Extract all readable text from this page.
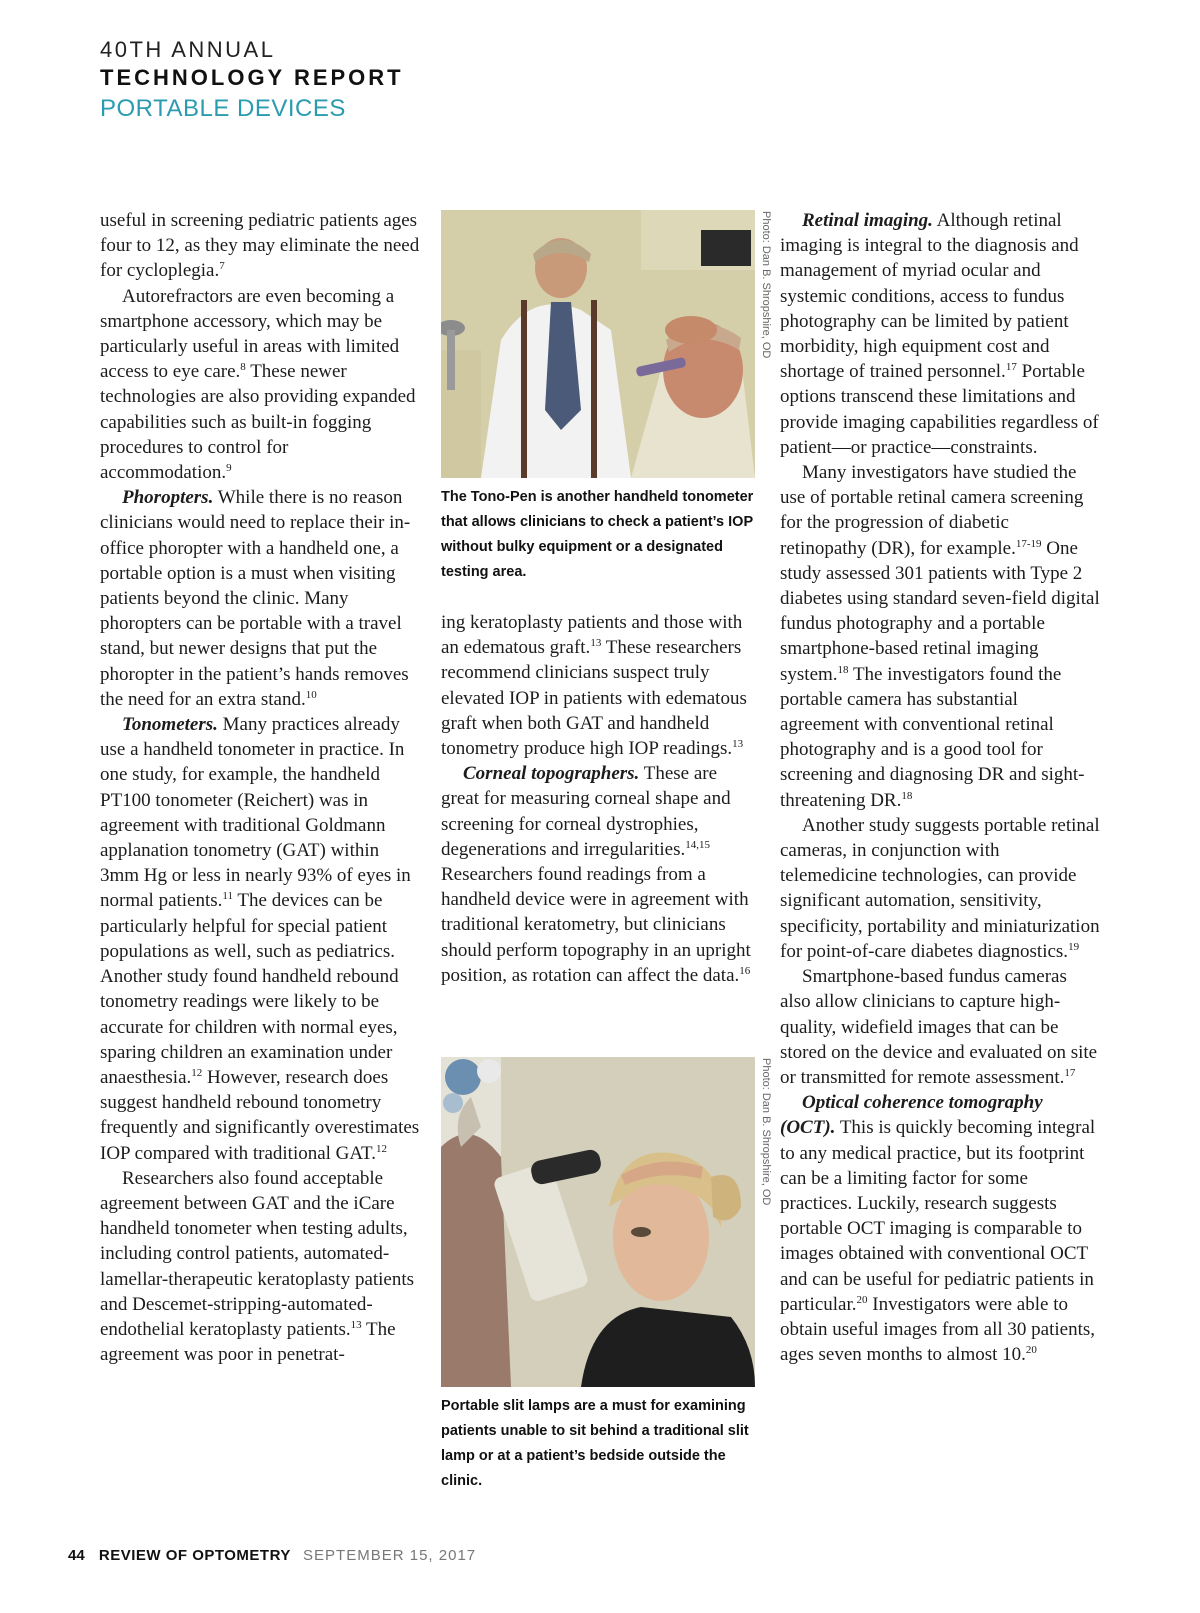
40TH ANNUAL
TECHNOLOGY REPORT
PORTABLE DEVICES

useful in screening pediatric patients ages four to 12, as they may eliminate the need for cycloplegia.$^7$

Autorefractors are even becoming a smartphone accessory, which may be particularly useful in areas with limited access to eye care.$^8$ These newer technologies are also providing expanded capabilities such as built-in fogging procedures to control for accommodation.$^9$

Phoropters. While there is no reason clinicians would need to replace their in-office phoropter with a handheld one, a portable option is a must when visiting patients beyond the clinic. Many phoropters can be portable with a travel stand, but newer designs that put the phoropter in the patient’s hands removes the need for an extra stand.$^{10}$

Tonometers. Many practices already use a handheld tonometer in practice. In one study, for example, the handheld PT100 tonometer (Reichert) was in agreement with traditional Goldmann applanation tonometry (GAT) within 3mm Hg or less in nearly 93% of eyes in normal patients.$^{11}$ The devices can be particularly helpful for special patient populations as well, such as pediatrics. Another study found handheld rebound tonometry readings were likely to be accurate for children with normal eyes, sparing children an examination under anaesthesia.$^{12}$ However, research does suggest handheld rebound tonometry frequently and significantly overestimates IOP compared with traditional GAT.$^{12}$

Researchers also found acceptable agreement between GAT and the iCare handheld tonometer when testing adults, including control patients, automated-lamellar-therapeutic keratoplasty patients and Descemet-stripping-automated-endothelial keratoplasty patients.$^{13}$ The agreement was poor in penetrat-

Photo: Dan B. Shropshire, OD
The Tono-Pen is another handheld tonometer that allows clinicians to check a patient’s IOP without bulky equipment or a designated testing area.

ing keratoplasty patients and those with an edematous graft.$^{13}$ These researchers recommend clinicians suspect truly elevated IOP in patients with edematous graft when both GAT and handheld tonometry produce high IOP readings.$^{13}$

Corneal topographers. These are great for measuring corneal shape and screening for corneal dystrophies, degenerations and irregularities.$^{14,15}$ Researchers found readings from a handheld device were in agreement with traditional keratometry, but clinicians should perform topography in an upright position, as rotation can affect the data.$^{16}$

Photo: Dan B. Shropshire, OD
Portable slit lamps are a must for examining patients unable to sit behind a traditional slit lamp or at a patient’s bedside outside the clinic.

Retinal imaging. Although retinal imaging is integral to the diagnosis and management of myriad ocular and systemic conditions, access to fundus photography can be limited by patient morbidity, high equipment cost and shortage of trained personnel.$^{17}$ Portable options transcend these limitations and provide imaging capabilities regardless of patient—or practice—constraints.

Many investigators have studied the use of portable retinal camera screening for the progression of diabetic retinopathy (DR), for example.$^{17-19}$ One study assessed 301 patients with Type 2 diabetes using standard seven-field digital fundus photography and a portable smartphone-based retinal imaging system.$^{18}$ The investigators found the portable camera has substantial agreement with conventional retinal photography and is a good tool for screening and diagnosing DR and sight-threatening DR.$^{18}$

Another study suggests portable retinal cameras, in conjunction with telemedicine technologies, can provide significant automation, sensitivity, specificity, portability and miniaturization for point-of-care diabetes diagnostics.$^{19}$

Smartphone-based fundus cameras also allow clinicians to capture high-quality, widefield images that can be stored on the device and evaluated on site or transmitted for remote assessment.$^{17}$

Optical coherence tomography (OCT). This is quickly becoming integral to any medical practice, but its footprint can be a limiting factor for some practices. Luckily, research suggests portable OCT imaging is comparable to images obtained with conventional OCT and can be useful for pediatric patients in particular.$^{20}$ Investigators were able to obtain useful images from all 30 patients, ages seven months to almost 10.20

44 REVIEW OF OPTOMETRY SEPTEMBER 15, 2017
